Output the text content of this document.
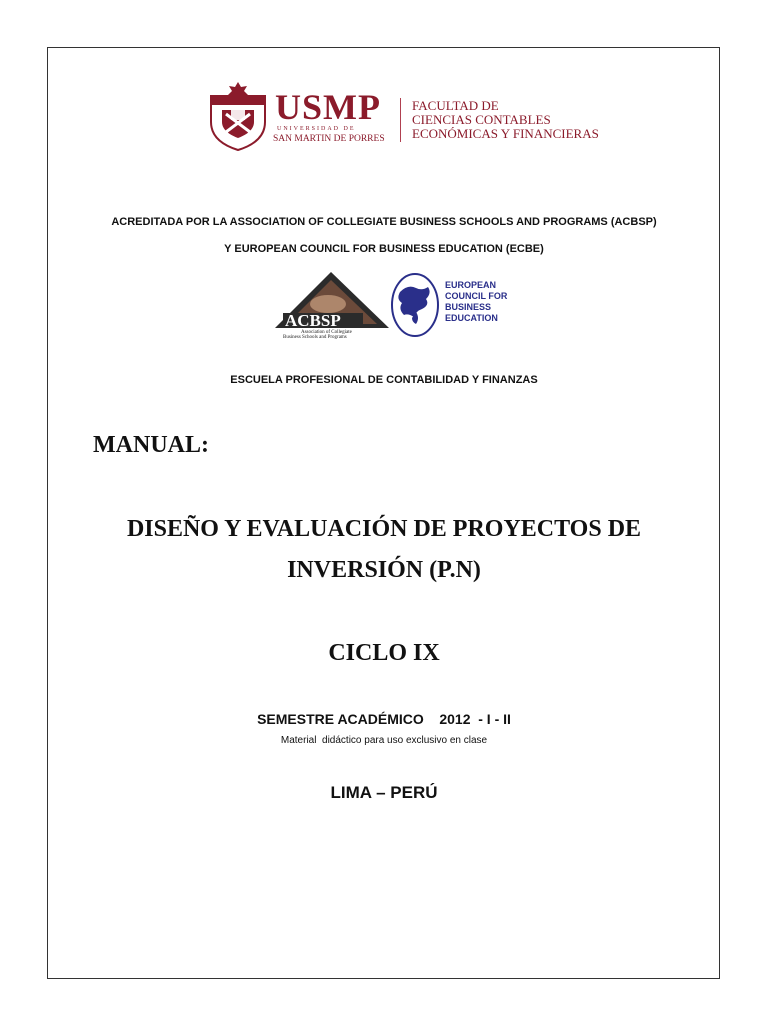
USMP
UNIVERSIDAD DE
SAN MARTIN DE PORRES
FACULTAD DE
CIENCIAS CONTABLES
ECONÓMICAS Y FINANCIERAS
ACREDITADA POR LA ASSOCIATION OF COLLEGIATE BUSINESS SCHOOLS AND PROGRAMS (ACBSP)
Y EUROPEAN COUNCIL FOR BUSINESS EDUCATION (ECBE)
ACBSP
Association of Collegiate
Business Schools and Programs
EUROPEAN
COUNCIL FOR
BUSINESS
EDUCATION
ESCUELA PROFESIONAL DE CONTABILIDAD Y FINANZAS
MANUAL:
DISEÑO Y EVALUACIÓN DE PROYECTOS DE
INVERSIÓN (P.N)
CICLO IX
SEMESTRE ACADÉMICO    2012  - I - II
Material  didáctico para uso exclusivo en clase
LIMA – PERÚ
